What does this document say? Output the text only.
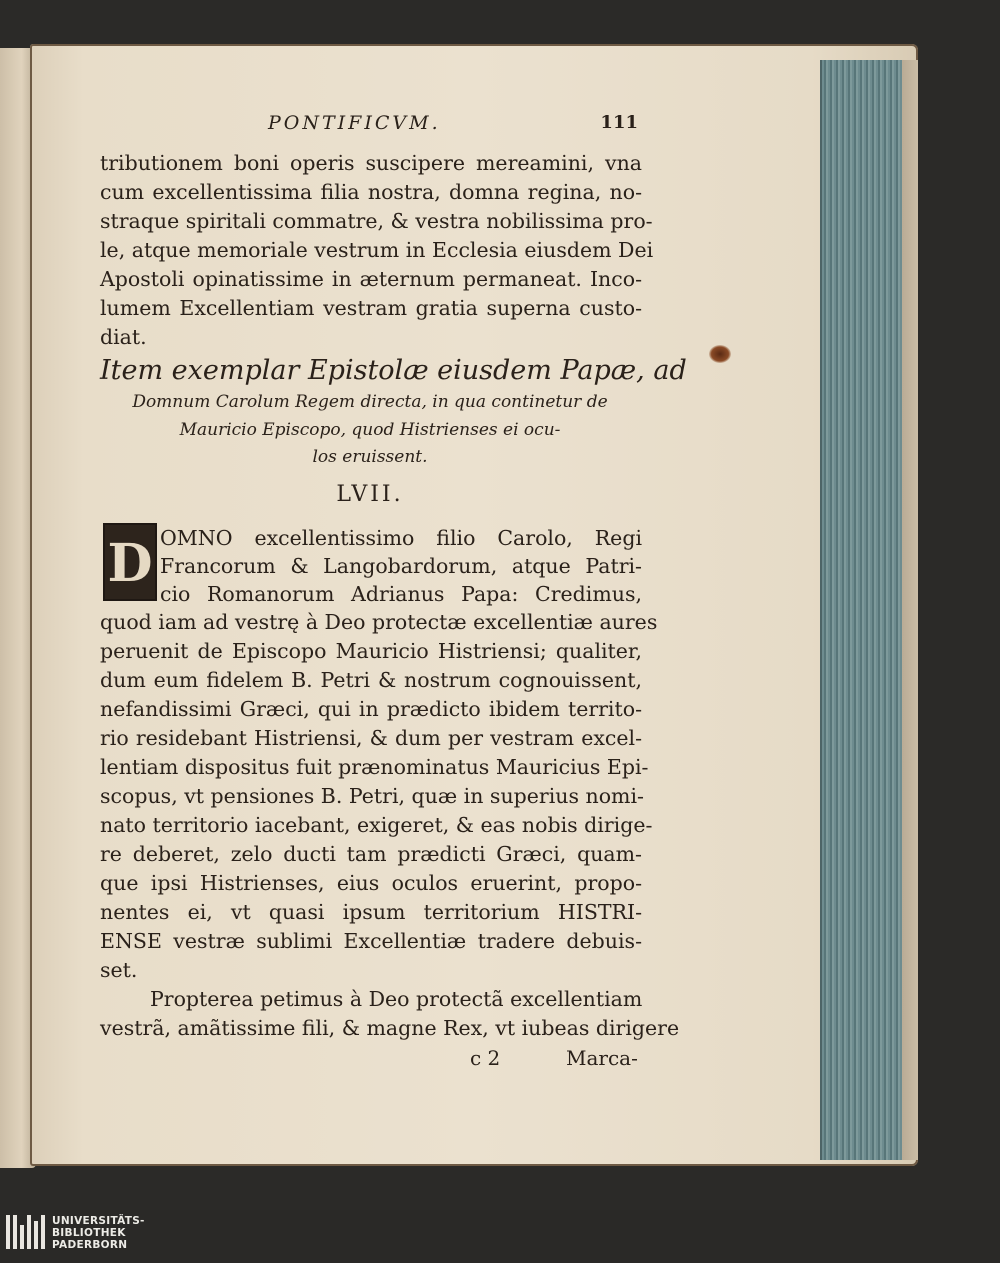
PONTIFICVM.	111
tributionem boni operis suscipere mereamini, vna
cum excellentissima filia nostra, domna regina, no-
straque spiritali commatre, & vestra nobilissima pro-
le, atque memoriale vestrum in Ecclesia eiusdem Dei
Apostoli opinatissime in æternum permaneat. Inco-
lumem Excellentiam vestram gratia superna custo-
diat.
Item exemplar Epistolæ eiusdem Papæ, ad
Domnum Carolum Regem directa, in qua continetur de
Mauricio Episcopo, quod Histrienses ei ocu-
los eruissent.
LVII.
D OMNO excellentissimo filio Carolo, Regi
Francorum & Langobardorum, atque Patri-
cio Romanorum Adrianus Papa: Credimus,
quod iam ad vestrę à Deo protectæ excellentiæ aures
peruenit de Episcopo Mauricio Histriensi; qualiter,
dum eum fidelem B. Petri & nostrum cognouissent,
nefandissimi Græci, qui in prædicto ibidem territo-
rio residebant Histriensi, & dum per vestram excel-
lentiam dispositus fuit prænominatus Mauricius Epi-
scopus, vt pensiones B. Petri, quæ in superius nomi-
nato territorio iacebant, exigeret, & eas nobis dirige-
re deberet, zelo ducti tam prædicti Græci, quam-
que ipsi Histrienses, eius oculos eruerint, propo-
nentes ei, vt quasi ipsum territorium HISTRI-
ENSE vestræ sublimi Excellentiæ tradere debuis-
set.
Propterea petimus à Deo protectã excellentiam
vestrã, amãtissime fili, & magne Rex, vt iubeas dirigere
c 2	Marca-
UNIVERSITÄTS-
BIBLIOTHEK
PADERBORN
